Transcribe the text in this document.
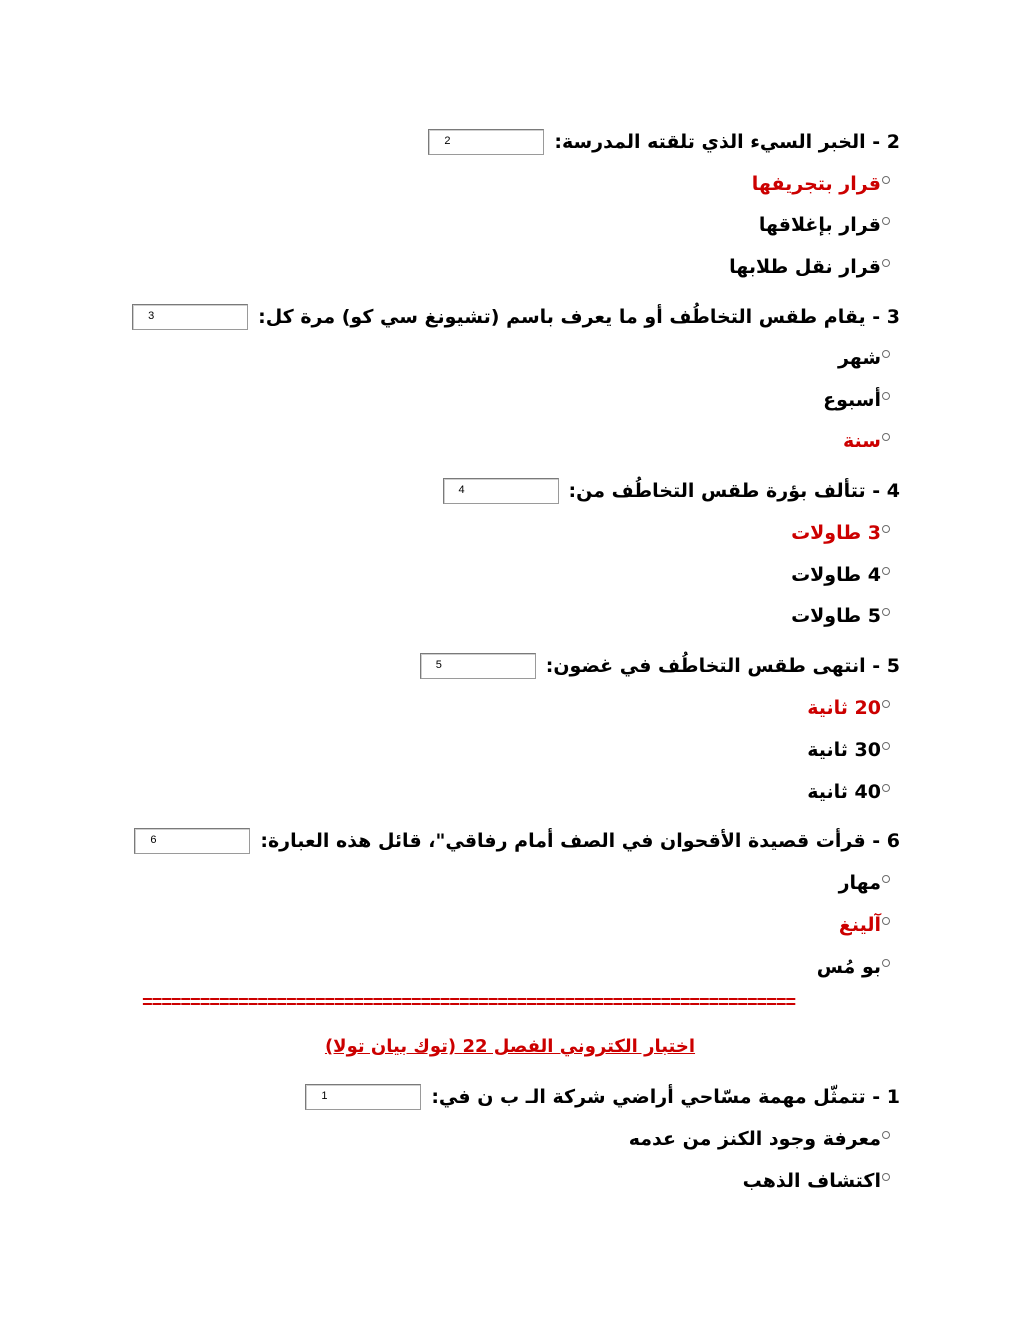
2 - الخبر السيء الذي تلقته المدرسة:
2
قرار بتجريفها
قرار بإغلاقها
قرار نقل طلابها
3 - يقام طقس التخاطُف أو ما يعرف باسم (تشيونغ سي كو) مرة كل:
3
شهر
أسبوع
سنة
4 - تتألف بؤرة طقس التخاطُف من:
4
3 طاولات
4 طاولات
5 طاولات
5 - انتهى طقس التخاطُف في غضون:
5
20 ثانية
30 ثانية
40 ثانية
6 - قرأت قصيدة الأقحوان في الصف أمام رفاقي"، قائل هذه العبارة:
6
مهار
آلينغ
بو مُس
====================================================================
اختبار الكتروني الفصل 22 (توك بيان تولا)
1 - تتمثّل مهمة مسّاحي أراضي شركة الـ ب ن في:
1
معرفة وجود الكنز من عدمه
اكتشاف الذهب
